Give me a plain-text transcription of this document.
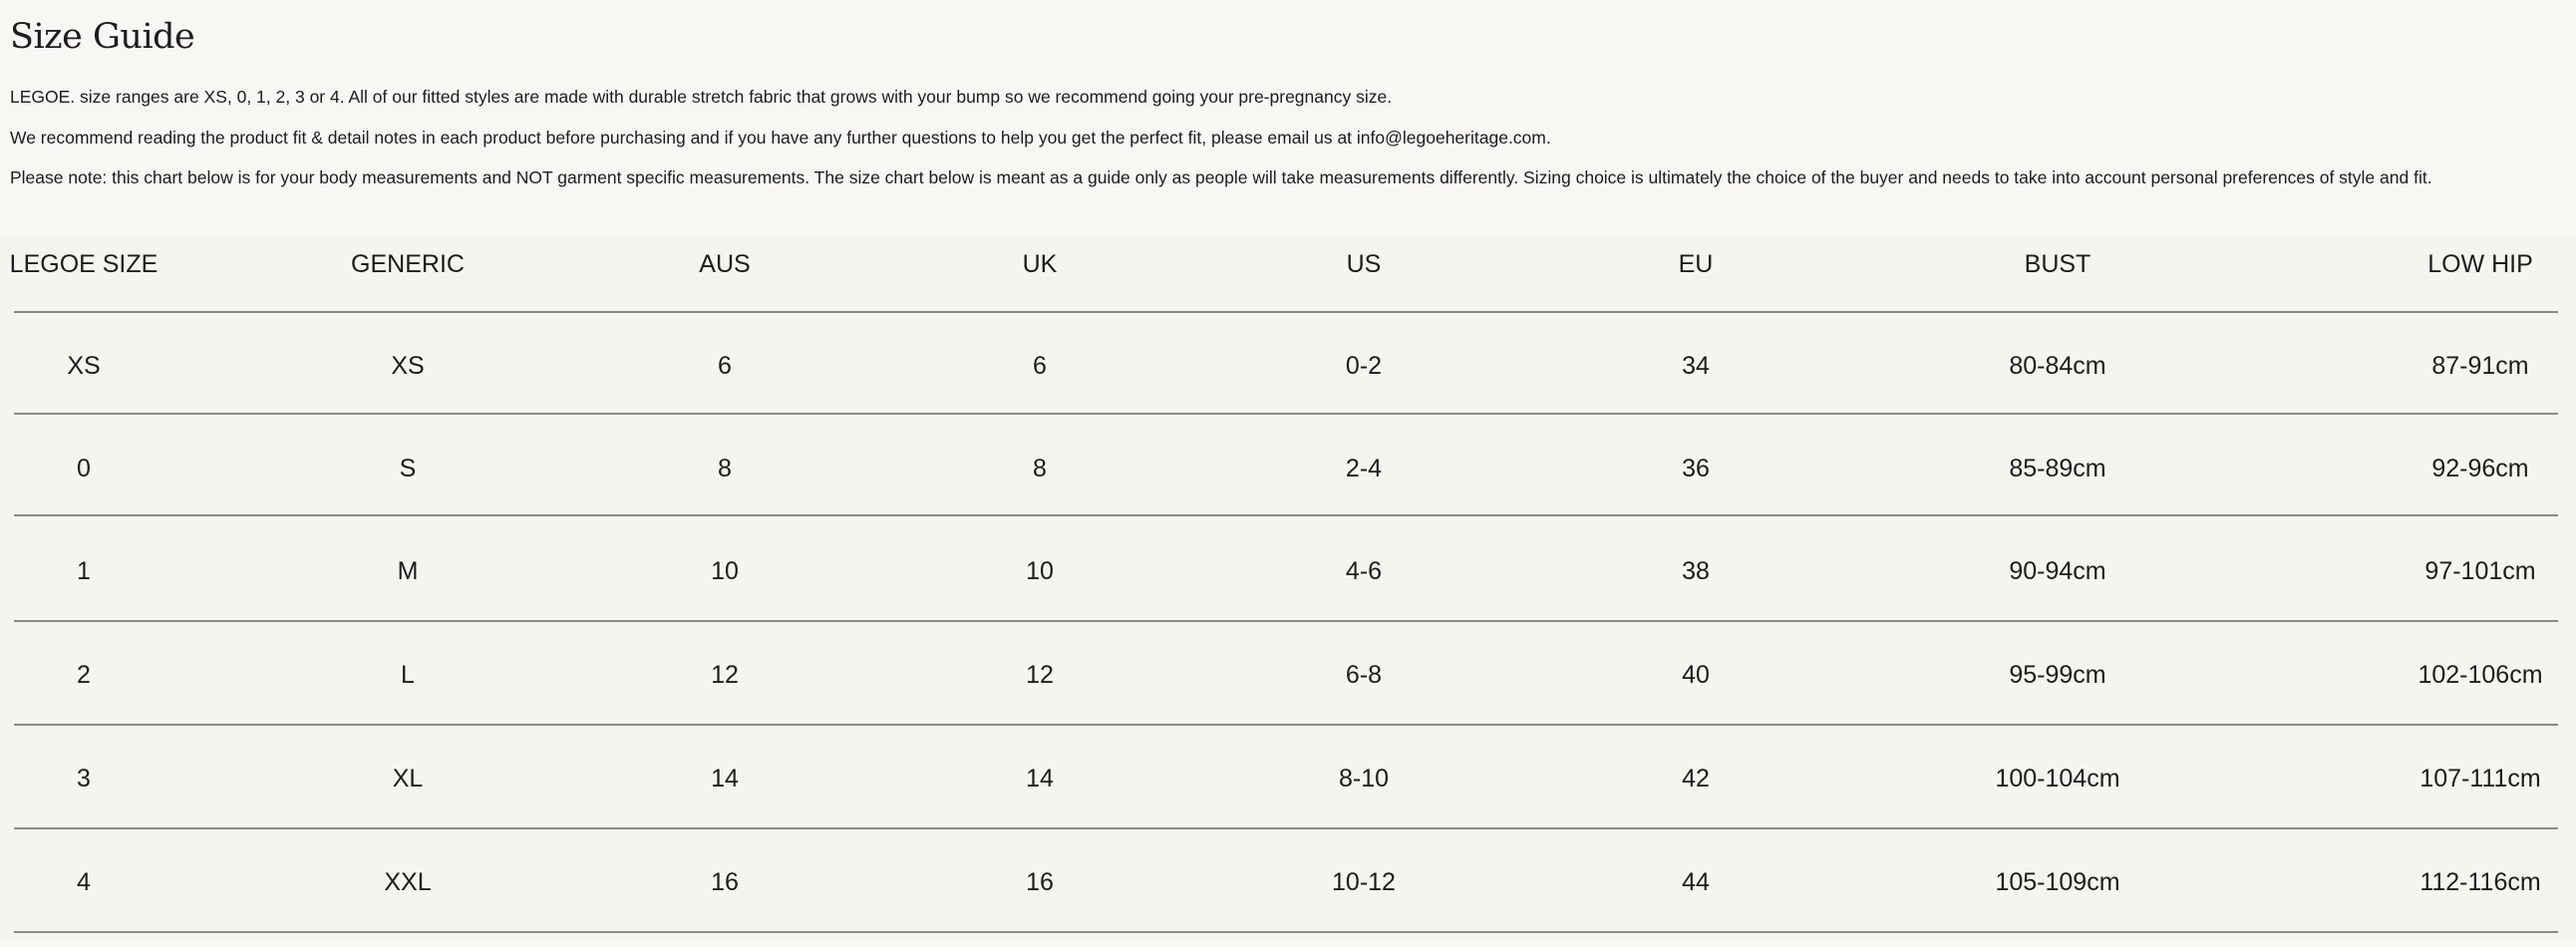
Size Guide

LEGOE. size ranges are XS, 0, 1, 2, 3 or 4. All of our fitted styles are made with durable stretch fabric that grows with your bump so we recommend going your pre-pregnancy size.

We recommend reading the product fit & detail notes in each product before purchasing and if you have any further questions to help you get the perfect fit, please email us at info@legoeheritage.com.

Please note: this chart below is for your body measurements and NOT garment specific measurements. The size chart below is meant as a guide only as people will take measurements differently. Sizing choice is ultimately the choice of the buyer and needs to take into account personal preferences of style and fit.

LEGOE SIZE	GENERIC	AUS	UK	US	EU	BUST	LOW HIP
XS	XS	6	6	0-2	34	80-84cm	87-91cm
0	S	8	8	2-4	36	85-89cm	92-96cm
1	M	10	10	4-6	38	90-94cm	97-101cm
2	L	12	12	6-8	40	95-99cm	102-106cm
3	XL	14	14	8-10	42	100-104cm	107-111cm
4	XXL	16	16	10-12	44	105-109cm	112-116cm
